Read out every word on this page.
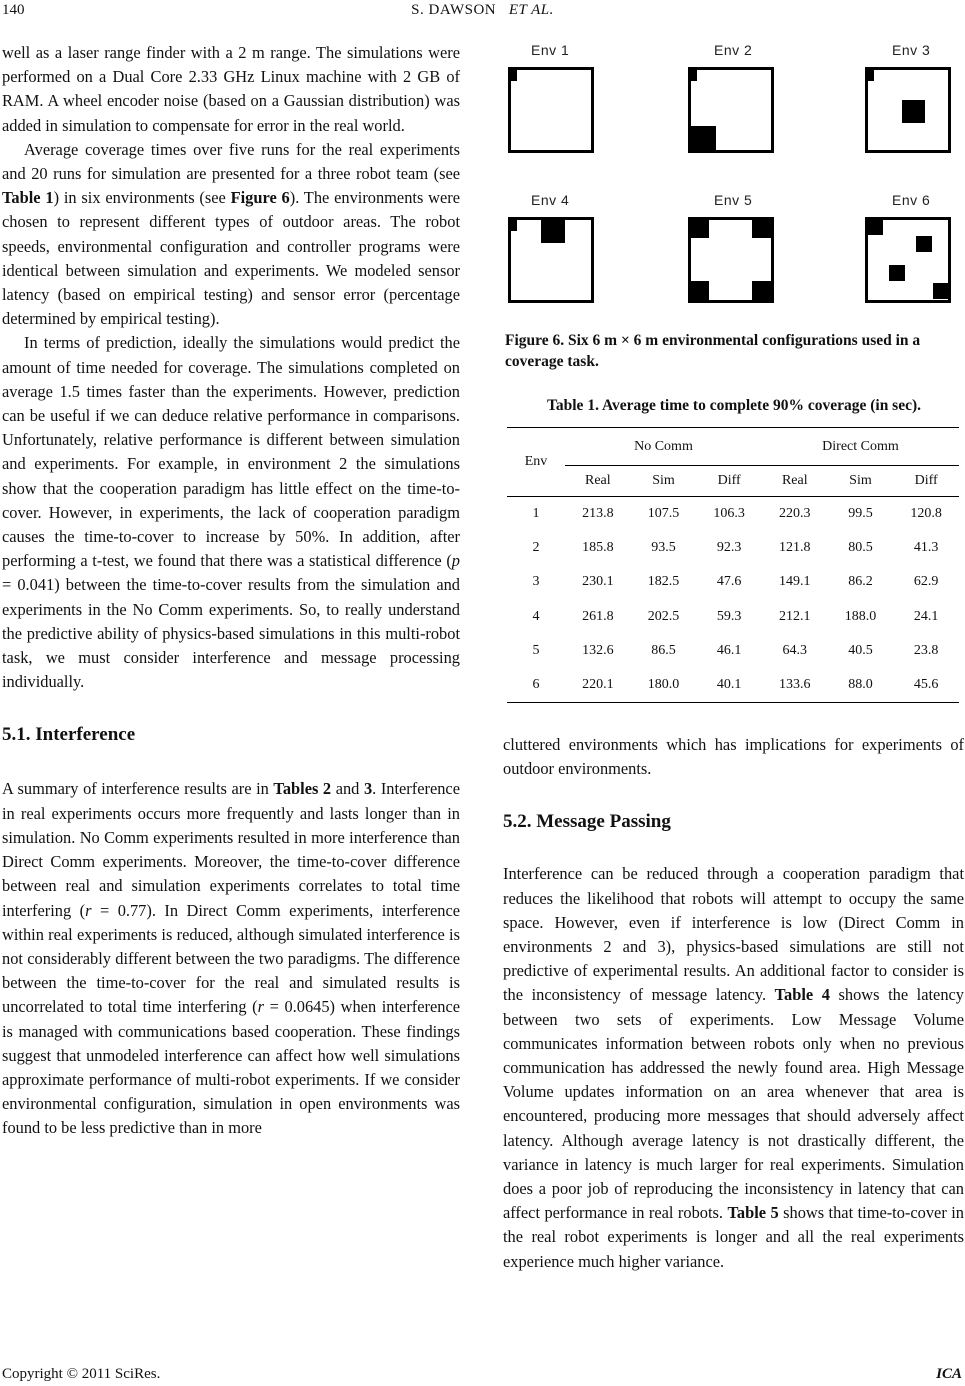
140	S. DAWSON ET AL.

well as a laser range finder with a 2 m range. The simulations were performed on a Dual Core 2.33 GHz Linux machine with 2 GB of RAM. A wheel encoder noise (based on a Gaussian distribution) was added in simulation to compensate for error in the real world.

Average coverage times over five runs for the real experiments and 20 runs for simulation are presented for a three robot team (see Table 1) in six environments (see Figure 6). The environments were chosen to represent different types of outdoor areas. The robot speeds, environmental configuration and controller programs were identical between simulation and experiments. We modeled sensor latency (based on empirical testing) and sensor error (percentage determined by empirical testing).

In terms of prediction, ideally the simulations would predict the amount of time needed for coverage. The simulations completed on average 1.5 times faster than the experiments. However, prediction can be useful if we can deduce relative performance in comparisons. Unfortunately, relative performance is different between simulation and experiments. For example, in environment 2 the simulations show that the cooperation paradigm has little effect on the time-to-cover. However, in experiments, the lack of cooperation paradigm causes the time-to-cover to increase by 50%. In addition, after performing a t-test, we found that there was a statistical difference (p = 0.041) between the time-to-cover results from the simulation and experiments in the No Comm experiments. So, to really understand the predictive ability of physics-based simulations in this multi-robot task, we must consider interference and message processing individually.

5.1. Interference

A summary of interference results are in Tables 2 and 3. Interference in real experiments occurs more frequently and lasts longer than in simulation. No Comm experiments resulted in more interference than Direct Comm experiments. Moreover, the time-to-cover difference between real and simulation experiments correlates to total time interfering (r = 0.77). In Direct Comm experiments, interference within real experiments is reduced, although simulated interference is not considerably different between the two paradigms. The difference between the time-to-cover for the real and simulated results is uncorrelated to total time interfering (r = 0.0645) when interference is managed with communications based cooperation. These findings suggest that unmodeled interference can affect how well simulations approximate performance of multi-robot experiments. If we consider environmental configuration, simulation in open environments was found to be less predictive than in more

Env 1	Env 2	Env 3
Env 4	Env 5	Env 6
Figure 6. Six 6 m × 6 m environmental configurations used in a coverage task.
Table 1. Average time to complete 90% coverage (in sec).
Env	No Comm			Direct Comm		
	Real	Sim	Diff	Real	Sim	Diff
1	213.8	107.5	106.3	220.3	99.5	120.8
2	185.8	93.5	92.3	121.8	80.5	41.3
3	230.1	182.5	47.6	149.1	86.2	62.9
4	261.8	202.5	59.3	212.1	188.0	24.1
5	132.6	86.5	46.1	64.3	40.5	23.8
6	220.1	180.0	40.1	133.6	88.0	45.6

cluttered environments which has implications for experiments of outdoor environments.

5.2. Message Passing

Interference can be reduced through a cooperation paradigm that reduces the likelihood that robots will attempt to occupy the same space. However, even if interference is low (Direct Comm in environments 2 and 3), physics-based simulations are still not predictive of experimental results. An additional factor to consider is the inconsistency of message latency. Table 4 shows the latency between two sets of experiments. Low Message Volume communicates information between robots only when no previous communication has addressed the newly found area. High Message Volume updates information on an area whenever that area is encountered, producing more messages that should adversely affect latency. Although average latency is not drastically different, the variance in latency is much larger for real experiments. Simulation does a poor job of reproducing the inconsistency in latency that can affect performance in real robots. Table 5 shows that time-to-cover in the real robot experiments is longer and all the real experiments experience much higher variance.

Copyright © 2011 SciRes.	ICA
